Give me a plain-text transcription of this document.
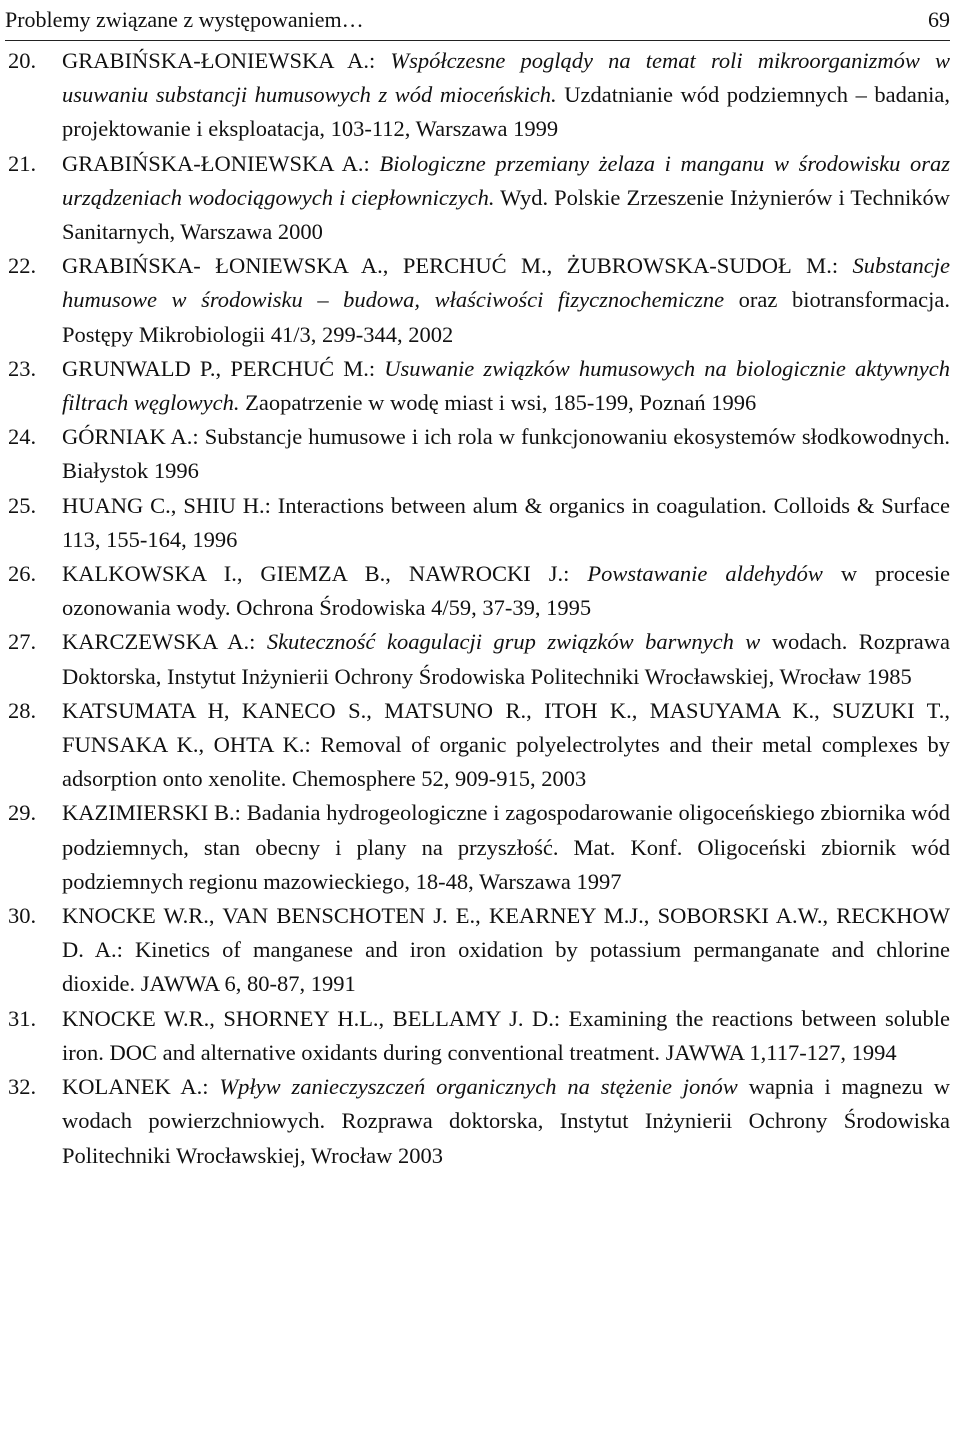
Problemy związane z występowaniem…	69
20. GRABIŃSKA-ŁONIEWSKA A.: Współczesne poglądy na temat roli mikroorganizmów w usuwaniu substancji humusowych z wód mioceńskich. Uzdatnianie wód podziemnych – badania, projektowanie i eksploatacja, 103-112, Warszawa 1999
21. GRABIŃSKA-ŁONIEWSKA A.: Biologiczne przemiany żelaza i manganu w środowisku oraz urządzeniach wodociągowych i ciepłowniczych. Wyd. Polskie Zrzeszenie Inżynierów i Techników Sanitarnych, Warszawa 2000
22. GRABIŃSKA- ŁONIEWSKA A., PERCHUĆ M., ŻUBROWSKA-SUDOŁ M.: Substancje humusowe w środowisku – budowa, właściwości fizycznochemiczne oraz biotransformacja. Postępy Mikrobiologii 41/3, 299-344, 2002
23. GRUNWALD P., PERCHUĆ M.: Usuwanie związków humusowych na biologicznie aktywnych filtrach węglowych. Zaopatrzenie w wodę miast i wsi, 185-199, Poznań 1996
24. GÓRNIAK A.: Substancje humusowe i ich rola w funkcjonowaniu ekosystemów słodkowodnych. Białystok 1996
25. HUANG C., SHIU H.: Interactions between alum & organics in coagulation. Colloids & Surface 113, 155-164, 1996
26. KALKOWSKA I., GIEMZA B., NAWROCKI J.: Powstawanie aldehydów w procesie ozonowania wody. Ochrona Środowiska 4/59, 37-39, 1995
27. KARCZEWSKA A.: Skuteczność koagulacji grup związków barwnych w wodach. Rozprawa Doktorska, Instytut Inżynierii Ochrony Środowiska Politechniki Wrocławskiej, Wrocław 1985
28. KATSUMATA H, KANECO S., MATSUNO R., ITOH K., MASUYAMA K., SUZUKI T., FUNSAKA K., OHTA K.: Removal of organic polyelectrolytes and their metal complexes by adsorption onto xenolite. Chemosphere 52, 909-915, 2003
29. KAZIMIERSKI B.: Badania hydrogeologiczne i zagospodarowanie oligoceńskiego zbiornika wód podziemnych, stan obecny i plany na przyszłość. Mat. Konf. Oligoceński zbiornik wód podziemnych regionu mazowieckiego, 18-48, Warszawa 1997
30. KNOCKE W.R., VAN BENSCHOTEN J. E., KEARNEY M.J., SOBORSKI A.W., RECKHOW D. A.: Kinetics of manganese and iron oxidation by potassium permanganate and chlorine dioxide. JAWWA 6, 80-87, 1991
31. KNOCKE W.R., SHORNEY H.L., BELLAMY J. D.: Examining the reactions between soluble iron. DOC and alternative oxidants during conventional treatment. JAWWA 1,117-127, 1994
32. KOLANEK A.: Wpływ zanieczyszczeń organicznych na stężenie jonów wapnia i magnezu w wodach powierzchniowych. Rozprawa doktorska, Instytut Inżynierii Ochrony Środowiska Politechniki Wrocławskiej, Wrocław 2003
